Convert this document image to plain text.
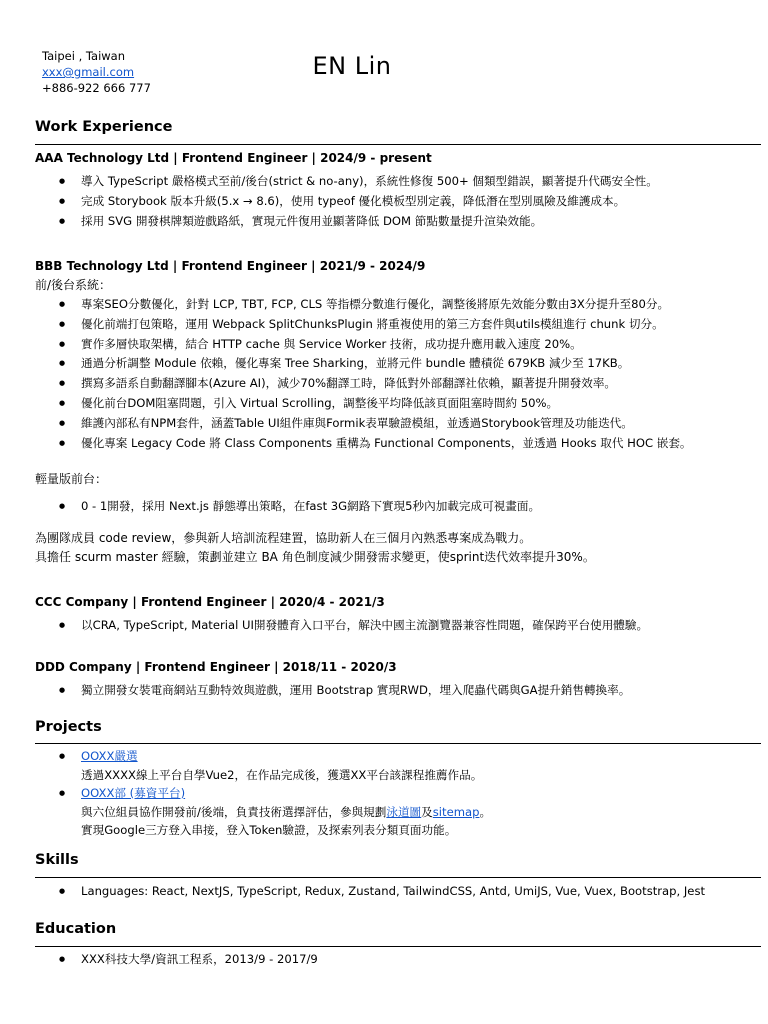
Taipei , Taiwan
xxx@gmail.com
+886-922 666 777
EN Lin
Work Experience
AAA Technology Ltd | Frontend Engineer | 2024/9 - present
● 導入 TypeScript 嚴格模式至前/後台(strict & no-any)，系統性修復 500+ 個類型錯誤，顯著提升代碼安全性。
● 完成 Storybook 版本升級(5.x → 8.6)，使用 typeof 優化模板型別定義，降低潛在型別風險及維護成本。
● 採用 SVG 開發棋牌類遊戲路紙，實現元件復用並顯著降低 DOM 節點數量提升渲染效能。
BBB Technology Ltd | Frontend Engineer | 2021/9 - 2024/9
前/後台系統：
● 專案SEO分數優化，針對 LCP, TBT, FCP, CLS 等指標分數進行優化，調整後將原先效能分數由3X分提升至80分。
● 優化前端打包策略，運用 Webpack SplitChunksPlugin 將重複使用的第三方套件與utils模組進行 chunk 切分。
● 實作多層快取架構，結合 HTTP cache 與 Service Worker 技術，成功提升應用載入速度 20%。
● 通過分析調整 Module 依賴，優化專案 Tree Sharking，並將元件 bundle 體積從 679KB 減少至 17KB。
● 撰寫多語系自動翻譯腳本(Azure AI)，減少70%翻譯工時，降低對外部翻譯社依賴，顯著提升開發效率。
● 優化前台DOM阻塞問題，引入 Virtual Scrolling，調整後平均降低該頁面阻塞時間約 50%。
● 維護內部私有NPM套件，涵蓋Table UI組件庫與Formik表單驗證模組，並透過Storybook管理及功能迭代。
● 優化專案 Legacy Code 將 Class Components 重構為 Functional Components，並透過 Hooks 取代 HOC 嵌套。
輕量版前台：
● 0 - 1開發，採用 Next.js 靜態導出策略，在fast 3G網路下實現5秒內加載完成可視畫面。
為團隊成員 code review，參與新人培訓流程建置，協助新人在三個月內熟悉專案成為戰力。
具擔任 scurm master 經驗，策劃並建立 BA 角色制度減少開發需求變更，使sprint迭代效率提升30%。
CCC Company | Frontend Engineer | 2020/4 - 2021/3
● 以CRA, TypeScript, Material UI開發體育入口平台，解決中國主流瀏覽器兼容性問題，確保跨平台使用體驗。
DDD Company | Frontend Engineer | 2018/11 - 2020/3
● 獨立開發女裝電商網站互動特效與遊戲，運用 Bootstrap 實現RWD，埋入爬蟲代碼與GA提升銷售轉換率。
Projects
● OOXX嚴選
透過XXXX線上平台自學Vue2，在作品完成後，獲選XX平台該課程推薦作品。
● OOXX部 (募資平台)
與六位組員協作開發前/後端，負責技術選擇評估，參與規劃泳道圖及sitemap。
實現Google三方登入串接，登入Token驗證，及探索列表分類頁面功能。
Skills
● Languages: React, NextJS, TypeScript, Redux, Zustand, TailwindCSS, Antd, UmiJS, Vue, Vuex, Bootstrap, Jest
Education
● XXX科技大學/資訊工程系，2013/9 - 2017/9
